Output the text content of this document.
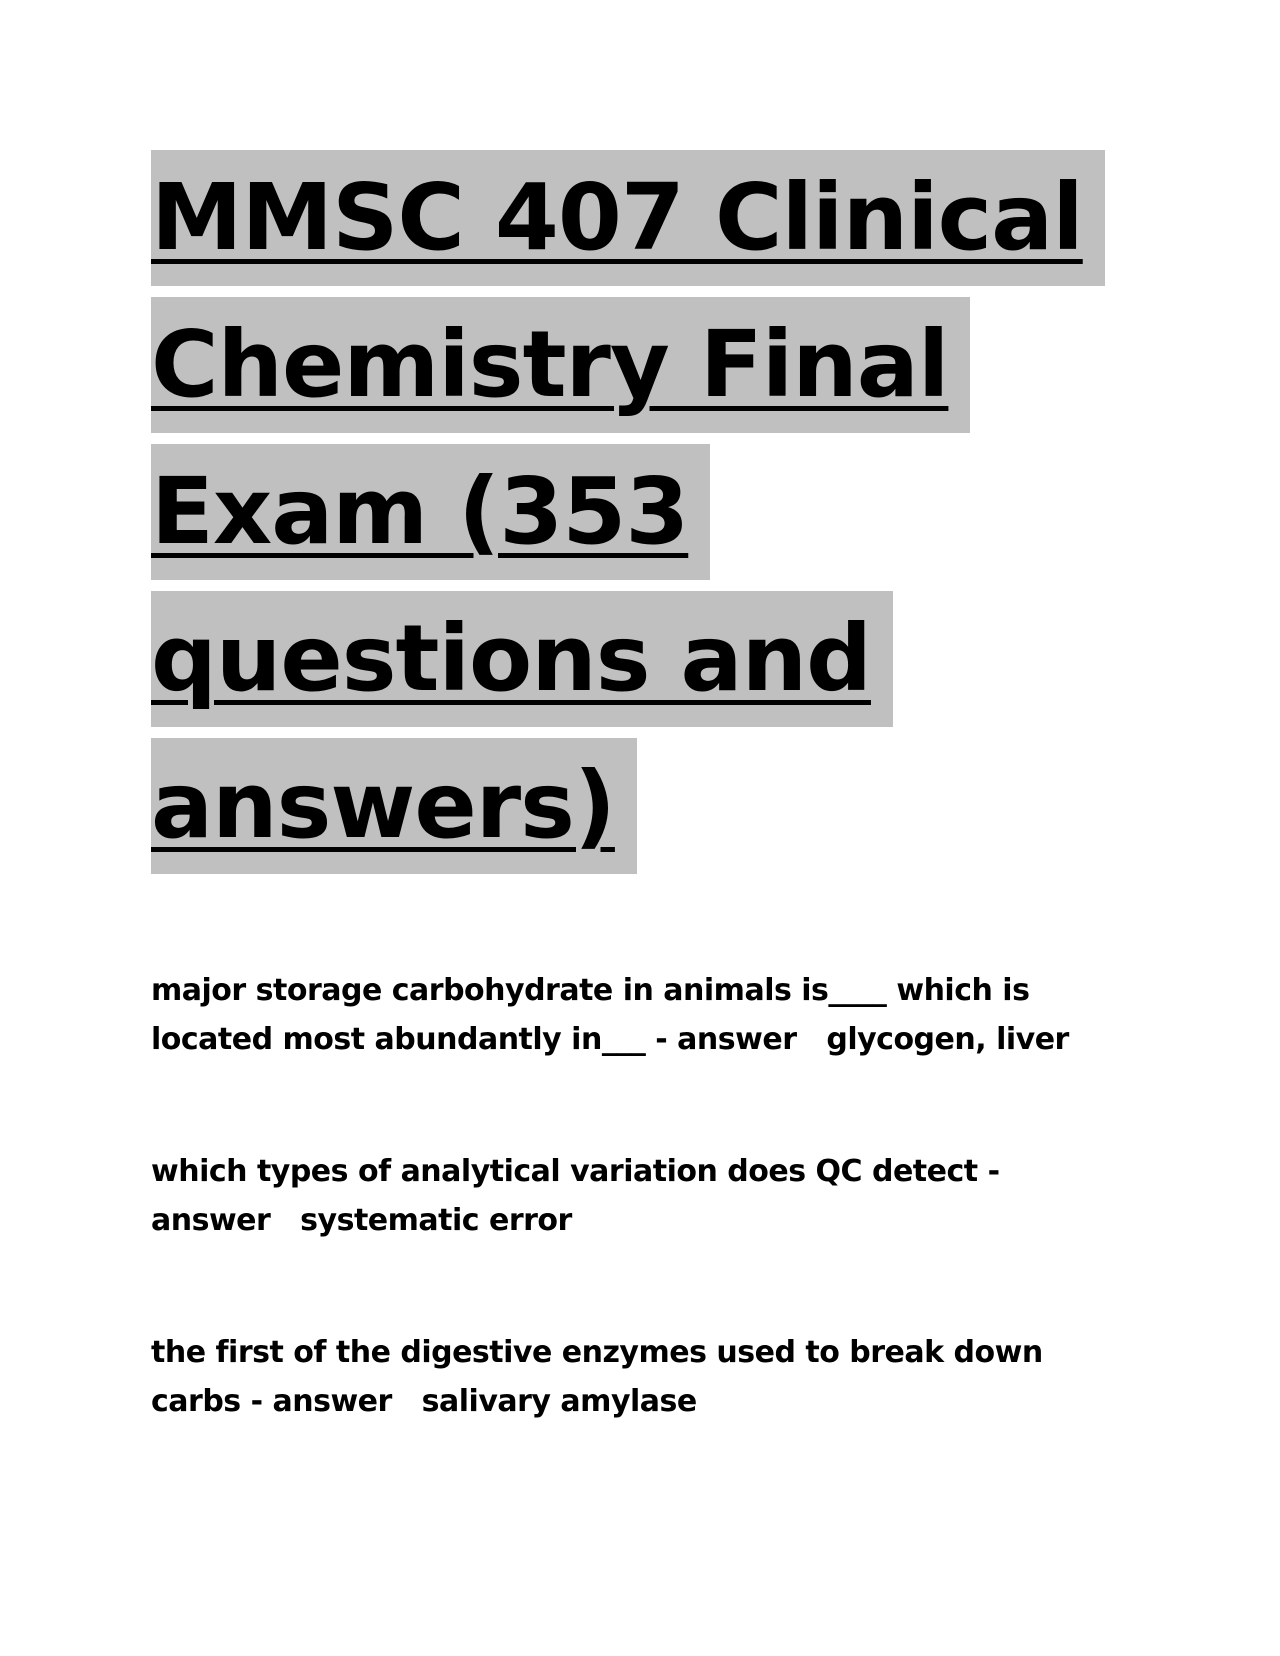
MMSC 407 Clinical
Chemistry Final
Exam (353
questions and
answers)
major storage carbohydrate in animals is____ which is located most abundantly in___ - answer glycogen, liver
which types of analytical variation does QC detect - answer systematic error
the first of the digestive enzymes used to break down carbs - answer salivary amylase
